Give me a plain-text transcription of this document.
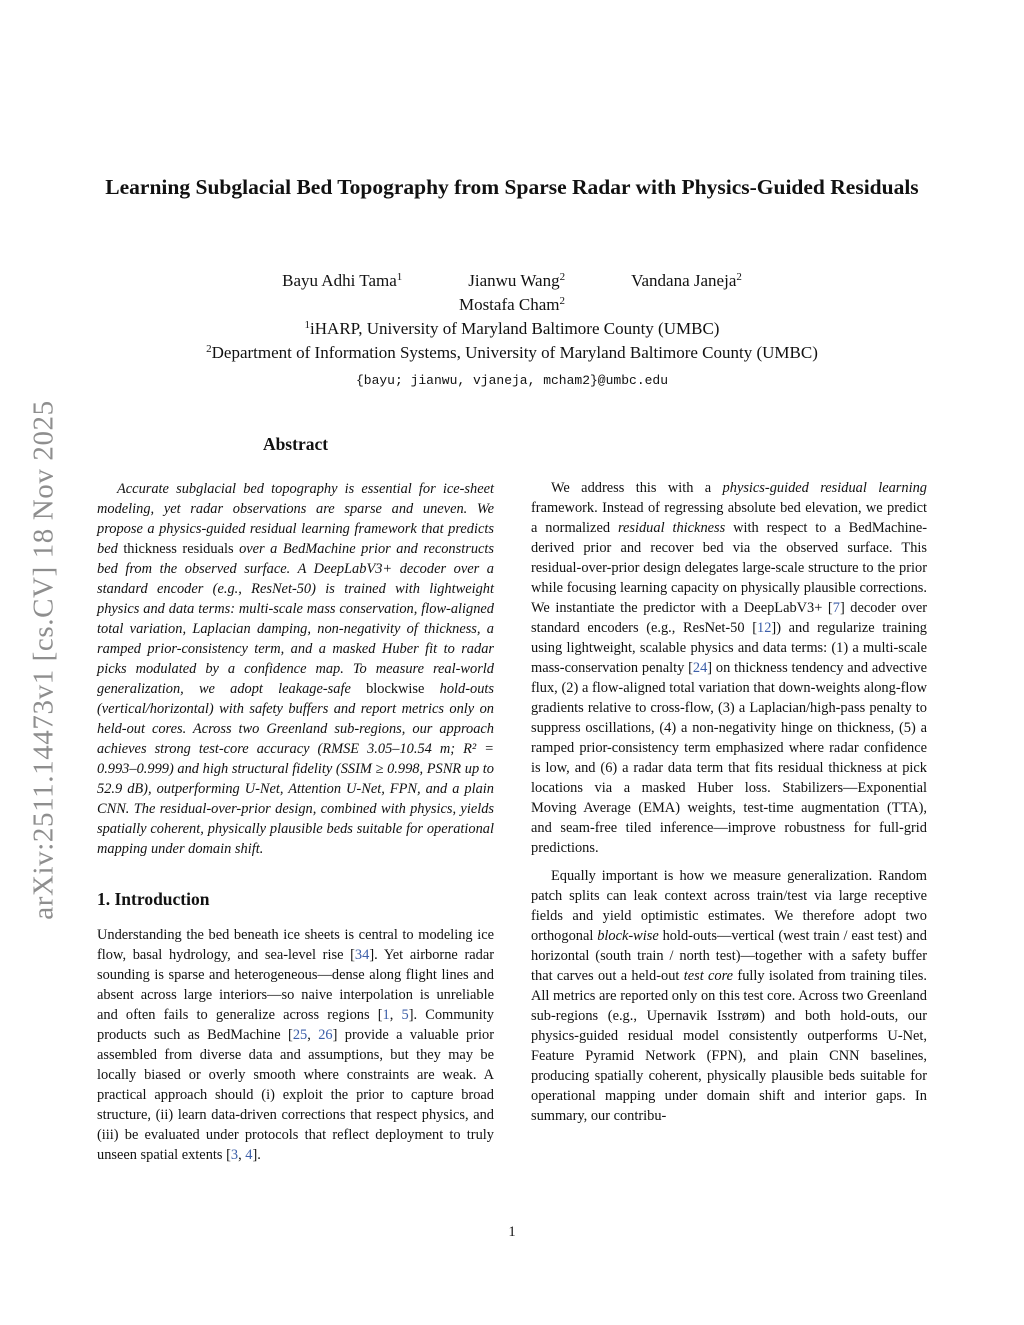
arXiv:2511.14473v1 [cs.CV] 18 Nov 2025
Learning Subglacial Bed Topography from Sparse Radar with Physics-Guided Residuals
Bayu Adhi Tama$^1$	Jianwu Wang$^2$	Vandana Janeja$^2$
Mostafa Cham$^2$
$^1$iHARP, University of Maryland Baltimore County (UMBC)
$^2$Department of Information Systems, University of Maryland Baltimore County (UMBC)
{bayu; jianwu, vjaneja, mcham2}@umbc.edu
Abstract

Accurate subglacial bed topography is essential for ice-sheet modeling, yet radar observations are sparse and uneven. We propose a physics-guided residual learning framework that predicts bed thickness residuals over a BedMachine prior and reconstructs bed from the observed surface. A DeepLabV3+ decoder over a standard encoder (e.g., ResNet-50) is trained with lightweight physics and data terms: multi-scale mass conservation, flow-aligned total variation, Laplacian damping, non-negativity of thickness, a ramped prior-consistency term, and a masked Huber fit to radar picks modulated by a confidence map. To measure real-world generalization, we adopt leakage-safe blockwise hold-outs (vertical/horizontal) with safety buffers and report metrics only on held-out cores. Across two Greenland sub-regions, our approach achieves strong test-core accuracy (RMSE 3.05–10.54 m; R² = 0.993–0.999) and high structural fidelity (SSIM ≥ 0.998, PSNR up to 52.9 dB), outperforming U-Net, Attention U-Net, FPN, and a plain CNN. The residual-over-prior design, combined with physics, yields spatially coherent, physically plausible beds suitable for operational mapping under domain shift.

1. Introduction

Understanding the bed beneath ice sheets is central to modeling ice flow, basal hydrology, and sea-level rise [34]. Yet airborne radar sounding is sparse and heterogeneous—dense along flight lines and absent across large interiors—so naive interpolation is unreliable and often fails to generalize across regions [1, 5]. Community products such as BedMachine [25, 26] provide a valuable prior assembled from diverse data and assumptions, but they may be locally biased or overly smooth where constraints are weak. A practical approach should (i) exploit the prior to capture broad structure, (ii) learn data-driven corrections that respect physics, and (iii) be evaluated under protocols that reflect deployment to truly unseen spatial extents [3, 4].

We address this with a physics-guided residual learning framework. Instead of regressing absolute bed elevation, we predict a normalized residual thickness with respect to a BedMachine-derived prior and recover bed via the observed surface. This residual-over-prior design delegates large-scale structure to the prior while focusing learning capacity on physically plausible corrections. We instantiate the predictor with a DeepLabV3+ [7] decoder over standard encoders (e.g., ResNet-50 [12]) and regularize training using lightweight, scalable physics and data terms: (1) a multi-scale mass-conservation penalty [24] on thickness tendency and advective flux, (2) a flow-aligned total variation that down-weights along-flow gradients relative to cross-flow, (3) a Laplacian/high-pass penalty to suppress oscillations, (4) a non-negativity hinge on thickness, (5) a ramped prior-consistency term emphasized where radar confidence is low, and (6) a radar data term that fits residual thickness at pick locations via a masked Huber loss. Stabilizers—Exponential Moving Average (EMA) weights, test-time augmentation (TTA), and seam-free tiled inference—improve robustness for full-grid predictions.

Equally important is how we measure generalization. Random patch splits can leak context across train/test via large receptive fields and yield optimistic estimates. We therefore adopt two orthogonal block-wise hold-outs—vertical (west train / east test) and horizontal (south train / north test)—together with a safety buffer that carves out a held-out test core fully isolated from training tiles. All metrics are reported only on this test core. Across two Greenland sub-regions (e.g., Upernavik Isstrøm) and both hold-outs, our physics-guided residual model consistently outperforms U-Net, Feature Pyramid Network (FPN), and plain CNN baselines, producing spatially coherent, physically plausible beds suitable for operational mapping under domain shift and interior gaps. In summary, our contribu-

1
